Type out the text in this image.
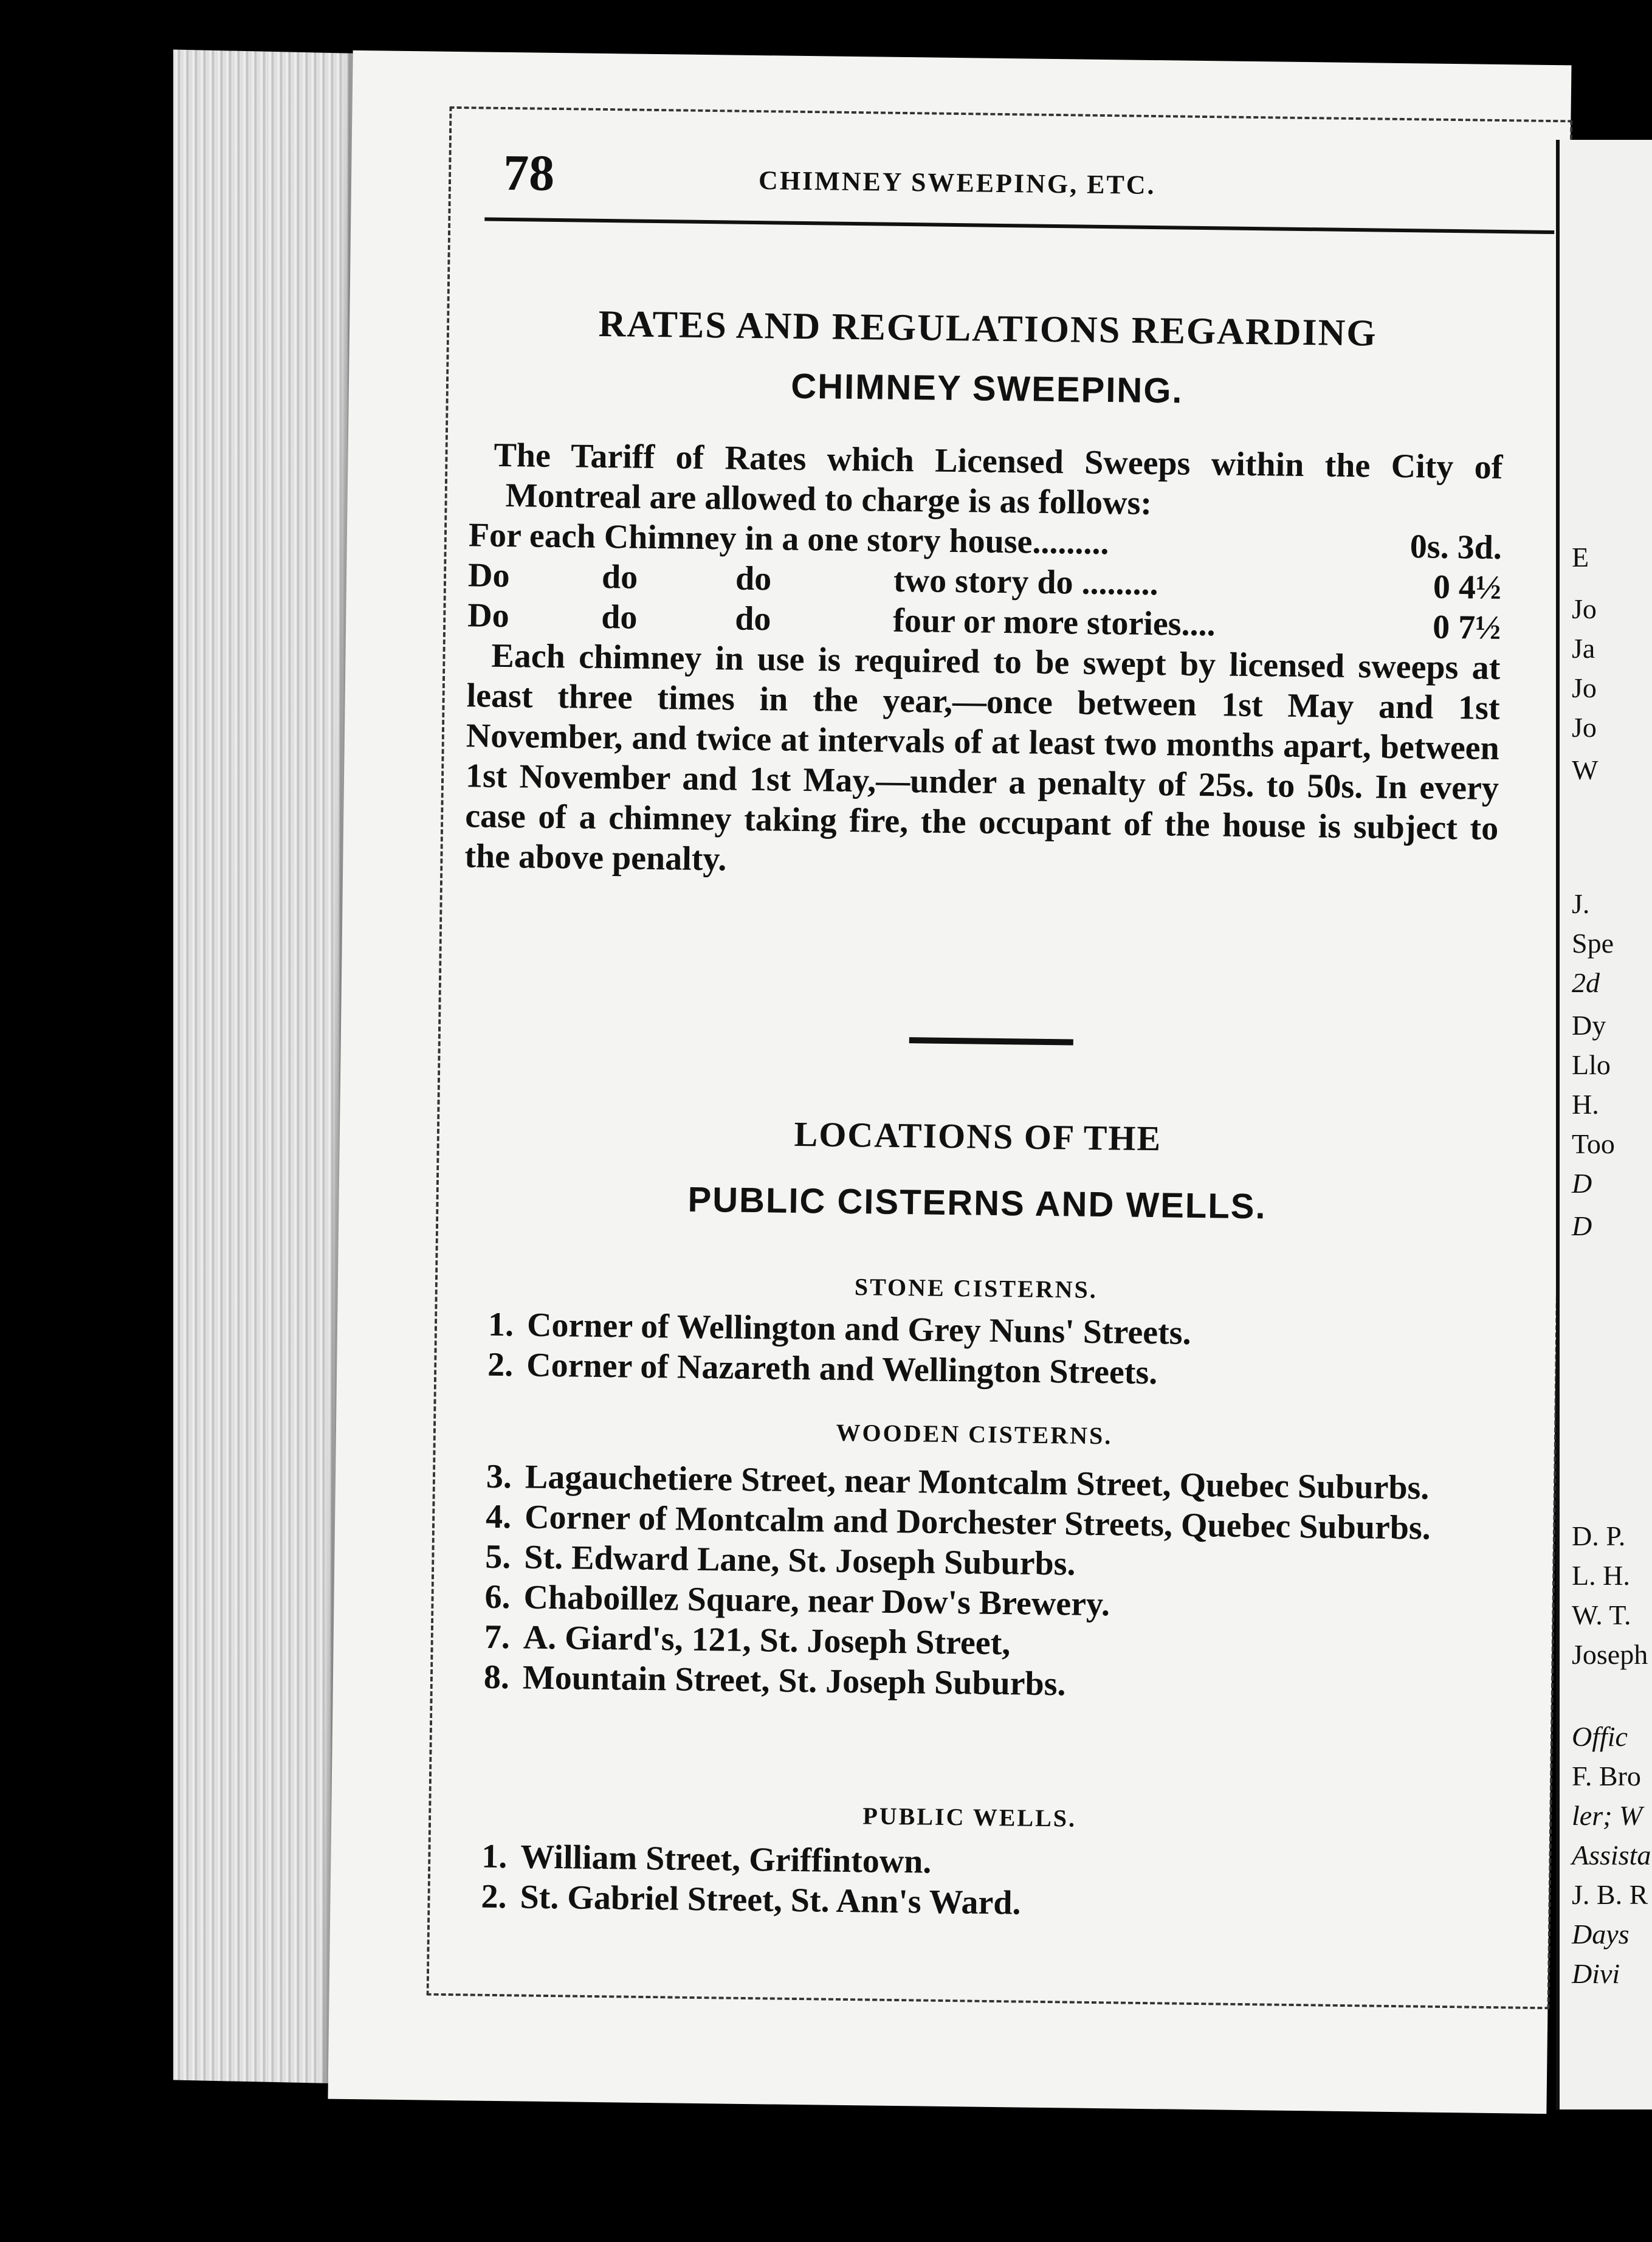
78	CHIMNEY SWEEPING, ETC.
RATES AND REGULATIONS REGARDING
CHIMNEY SWEEPING.

The Tariff of Rates which Licensed Sweeps within the City of Montreal are allowed to charge is as follows:

For each Chimney in a one story house.........				0s. 3d.
Do	do	do	two story do .........	0 4½
Do	do	do	four or more stories....	0 7½

Each chimney in use is required to be swept by licensed sweeps at least three times in the year,—once between 1st May and 1st November, and twice at intervals of at least two months apart, between 1st November and 1st May,—under a penalty of 25s. to 50s. In every case of a chimney taking fire, the occupant of the house is subject to the above penalty.

LOCATIONS OF THE
PUBLIC CISTERNS AND WELLS.
STONE CISTERNS.
1. Corner of Wellington and Grey Nuns' Streets.
2. Corner of Nazareth and Wellington Streets.
WOODEN CISTERNS.
3. Lagauchetiere Street, near Montcalm Street, Quebec Suburbs.
4. Corner of Montcalm and Dorchester Streets, Quebec Suburbs.
5. St. Edward Lane, St. Joseph Suburbs.
6. Chaboillez Square, near Dow's Brewery.
7. A. Giard's, 121, St. Joseph Street,
8. Mountain Street, St. Joseph Suburbs.
PUBLIC WELLS.
1. William Street, Griffintown.
2. St. Gabriel Street, St. Ann's Ward.
E
Jo
Ja
Jo
Jo
W
J.
Spe
2d
Dy
Llo
H.
Too
D
D
D. P.
L. H.
W. T.
Joseph
Offic
F. Bro
ler; W
Assista
J. B. R
Days
Divi
